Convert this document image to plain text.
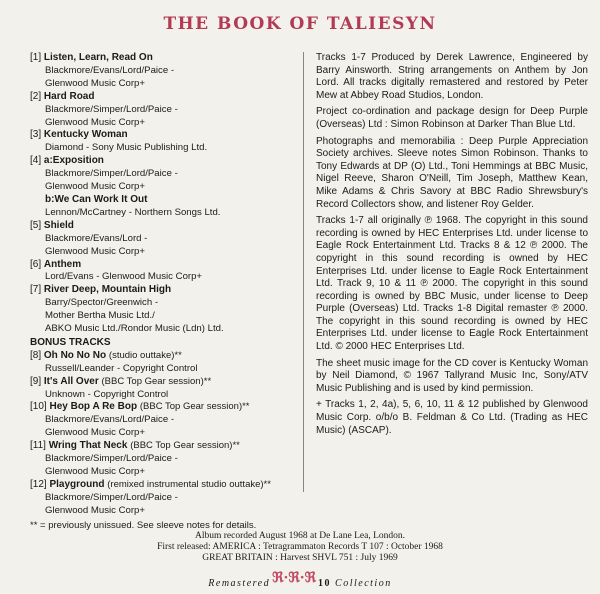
THE BOOK OF TALIESYN
[1] Listen, Learn, Read On
Blackmore/Evans/Lord/Paice -
Glenwood Music Corp+
[2] Hard Road
Blackmore/Simper/Lord/Paice -
Glenwood Music Corp+
[3] Kentucky Woman
Diamond - Sony Music Publishing Ltd.
[4] a:Exposition
Blackmore/Simper/Lord/Paice -
Glenwood Music Corp+
b:We Can Work It Out
Lennon/McCartney - Northern Songs Ltd.
[5] Shield
Blackmore/Evans/Lord -
Glenwood Music Corp+
[6] Anthem
Lord/Evans - Glenwood Music Corp+
[7] River Deep, Mountain High
Barry/Spector/Greenwich -
Mother Bertha Music Ltd./
ABKO Music Ltd./Rondor Music (Ldn) Ltd.
BONUS TRACKS
[8] Oh No No No (studio outtake)**
Russell/Leander - Copyright Control
[9] It's All Over (BBC Top Gear session)**
Unknown - Copyright Control
[10] Hey Bop A Re Bop (BBC Top Gear session)**
Blackmore/Evans/Lord/Paice -
Glenwood Music Corp+
[11] Wring That Neck (BBC Top Gear session)**
Blackmore/Simper/Lord/Paice -
Glenwood Music Corp+
[12] Playground (remixed instrumental studio outtake)**
Blackmore/Simper/Lord/Paice -
Glenwood Music Corp+
** = previously unissued. See sleeve notes for details.

Tracks 1-7 Produced by Derek Lawrence, Engineered by Barry Ainsworth. String arrangements on Anthem by Jon Lord. All tracks digitally remastered and restored by Peter Mew at Abbey Road Studios, London.

Project co-ordination and package design for Deep Purple (Overseas) Ltd : Simon Robinson at Darker Than Blue Ltd.

Photographs and memorabilia : Deep Purple Appreciation Society archives. Sleeve notes Simon Robinson. Thanks to Tony Edwards at DP (O) Ltd., Toni Hemmings at BBC Music, Nigel Reeve, Sharon O'Neill, Tim Joseph, Matthew Kean, Mike Adams & Chris Savory at BBC Radio Shrewsbury's Record Collectors show, and listener Roy Gelder.

Tracks 1-7 all originally ℗ 1968. The copyright in this sound recording is owned by HEC Enterprises Ltd. under license to Eagle Rock Entertainment Ltd. Tracks 8 & 12 ℗ 2000. The copyright in this sound recording is owned by HEC Enterprises Ltd. under license to Eagle Rock Entertainment Ltd. Track 9, 10 & 11 ℗ 2000. The copyright in this sound recording is owned by BBC Music, under license to Deep Purple (Overseas) Ltd. Tracks 1-8 Digital remaster ℗ 2000. The copyright in this sound recording is owned by HEC Enterprises Ltd. under license to Eagle Rock Entertainment Ltd. © 2000 HEC Enterprises Ltd.

The sheet music image for the CD cover is Kentucky Woman by Neil Diamond, © 1967 Tallyrand Music Inc, Sony/ATV Music Publishing and is used by kind permission.

+ Tracks 1, 2, 4a), 5, 6, 10, 11 & 12 published by Glenwood Music Corp. o/b/o B. Feldman & Co Ltd. (Trading as HEC Music) (ASCAP).

Album recorded August 1968 at De Lane Lea, London.
First released: AMERICA : Tetragrammaton Records T 107 : October 1968
GREAT BRITAIN : Harvest SHVL 751 : July 1969
Remastered ℜ·ℜ·ℜ 10 Collection
